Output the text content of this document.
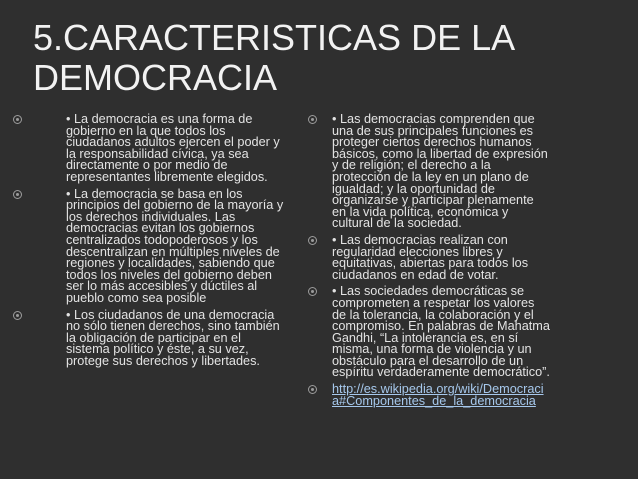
5.CARACTERISTICAS DE LA
DEMOCRACIA
• La democracia es una forma de
gobierno en la que todos los
ciudadanos adultos ejercen el poder y
la responsabilidad cívica, ya sea
directamente o por medio de
representantes libremente elegidos.
• La democracia se basa en los
principios del gobierno de la mayoría y
los derechos individuales. Las
democracias evitan los gobiernos
centralizados todopoderosos y los
descentralizan en múltiples niveles de
regiones y localidades, sabiendo que
todos los niveles del gobierno deben
ser lo más accesibles y dúctiles al
pueblo como sea posible
• Los ciudadanos de una democracia
no sólo tienen derechos, sino también
la obligación de participar en el
sistema político y éste, a su vez,
protege sus derechos y libertades.
• Las democracias comprenden que
una de sus principales funciones es
proteger ciertos derechos humanos
básicos, como la libertad de expresión
y de religión; el derecho a la
protección de la ley en un plano de
igualdad; y la oportunidad de
organizarse y participar plenamente
en la vida política, económica y
cultural de la sociedad.
• Las democracias realizan con
regularidad elecciones libres y
equitativas, abiertas para todos los
ciudadanos en edad de votar.
• Las sociedades democráticas se
comprometen a respetar los valores
de la tolerancia, la colaboración y el
compromiso. En palabras de Mahatma
Gandhi, “La intolerancia es, en sí
misma, una forma de violencia y un
obstáculo para el desarrollo de un
espíritu verdaderamente democrático”.
http://es.wikipedia.org/wiki/Democraci
a#Componentes_de_la_democracia
